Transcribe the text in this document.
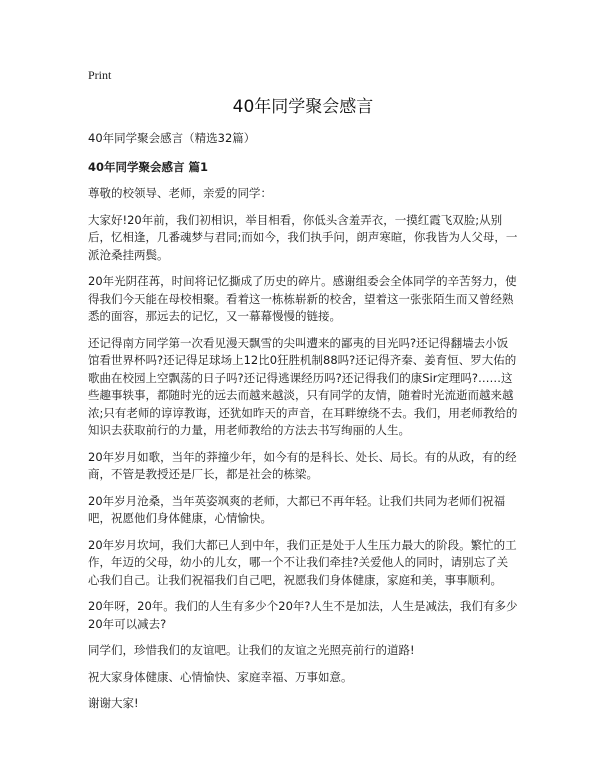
Print
40年同学聚会感言

40年同学聚会感言（精选32篇）

40年同学聚会感言 篇1

尊敬的校领导、老师，亲爱的同学：

大家好!20年前，我们初相识，举目相看，你低头含羞弄衣，一摸红霞飞双脸;从别后，忆相逢，几番魂梦与君同;而如今，我们执手问，朗声寒暄，你我皆为人父母，一派沧桑挂两鬓。

20年光阴荏苒，时间将记忆撕成了历史的碎片。感谢组委会全体同学的辛苦努力，使得我们今天能在母校相聚。看着这一栋栋崭新的校舍，望着这一张张陌生而又曾经熟悉的面容，那远去的记忆，又一幕幕慢慢的链接。

还记得南方同学第一次看见漫天飘雪的尖叫遭来的鄙夷的目光吗?还记得翻墙去小饭馆看世界杯吗?还记得足球场上12比0狂胜机制88吗?还记得齐秦、姜育恒、罗大佑的歌曲在校园上空飘荡的日子吗?还记得逃课经历吗?还记得我们的康Sir定理吗?……这些趣事轶事，都随时光的远去而越来越淡，只有同学的友情，随着时光流逝而越来越浓;只有老师的谆谆教诲，还犹如昨天的声音，在耳畔缭绕不去。我们，用老师教给的知识去获取前行的力量，用老师教给的方法去书写绚丽的人生。

20年岁月如歌，当年的莽撞少年，如今有的是科长、处长、局长。有的从政，有的经商，不管是教授还是厂长，都是社会的栋梁。

20年岁月沧桑，当年英姿飒爽的老师，大都已不再年轻。让我们共同为老师们祝福吧，祝愿他们身体健康，心情愉快。

20年岁月坎坷，我们大都已人到中年，我们正是处于人生压力最大的阶段。繁忙的工作，年迈的父母，幼小的儿女，哪一个不让我们牵挂?关爱他人的同时，请别忘了关心我们自己。让我们祝福我们自己吧，祝愿我们身体健康，家庭和美，事事顺利。

20年呀，20年。我们的人生有多少个20年?人生不是加法，人生是减法，我们有多少20年可以减去?

同学们，珍惜我们的友谊吧。让我们的友谊之光照亮前行的道路!

祝大家身体健康、心情愉快、家庭幸福、万事如意。

谢谢大家!
